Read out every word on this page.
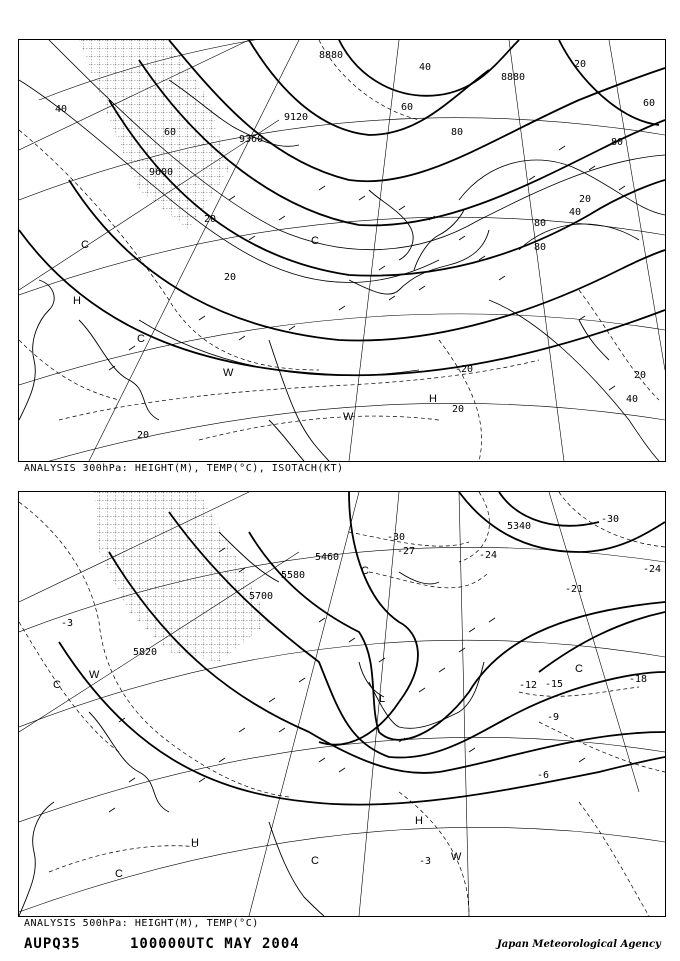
8880
8880
9120
9360
9600
40
60
60
80
80
80
80
60
40	20
40
20
20
20
20
40
-20
20
20
C
C
C
H
W
W
H
ANALYSIS 300hPa: HEIGHT(M), TEMP(°C), ISOTACH(KT)
5460
5580
5700
5820
5340
-30
-27	-24
-21
-24
-18
-15
-12
-9
-6
-3
-3
-30
C
W
C
H
C
H
W
C
L
C
ANALYSIS 500hPa: HEIGHT(M), TEMP(°C)
AUPQ35	100000UTC MAY 2004	Japan Meteorological Agency
